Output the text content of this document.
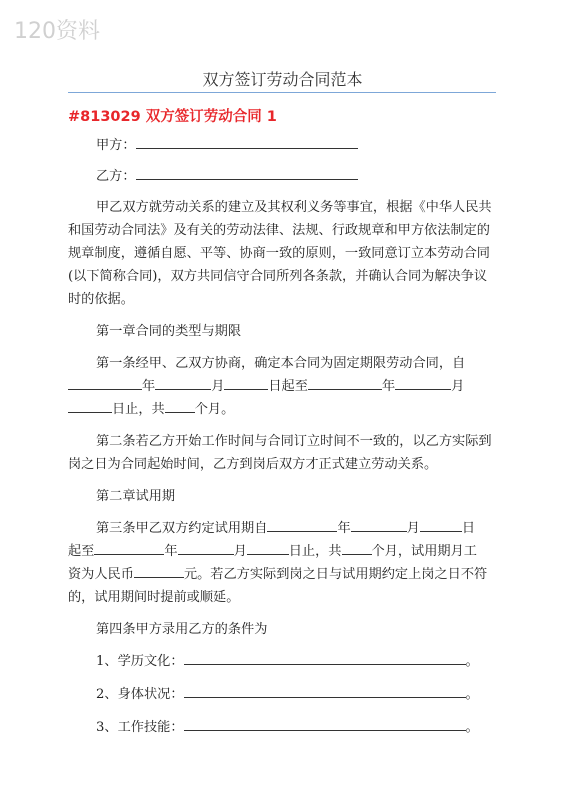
120资料
双方签订劳动合同范本
#813029 双方签订劳动合同 1
甲方：
乙方：
甲乙双方就劳动关系的建立及其权利义务等事宜，根据《中华人民共
和国劳动合同法》及有关的劳动法律、法规、行政规章和甲方依法制定的
规章制度，遵循自愿、平等、协商一致的原则，一致同意订立本劳动合同
(以下简称合同)，双方共同信守合同所列各条款，并确认合同为解决争议
时的依据。
第一章合同的类型与期限
第一条经甲、乙双方协商，确定本合同为固定期限劳动合同，自
年	月	日起至	年	月
日止，共 个月。
第二条若乙方开始工作时间与合同订立时间不一致的，以乙方实际到
岗之日为合同起始时间，乙方到岗后双方才正式建立劳动关系。
第二章试用期
第三条甲乙双方约定试用期自	年	月	日
起至	年	月	日止，共 个月，试用期月工
资为人民币	元。若乙方实际到岗之日与试用期约定上岗之日不符
的，试用期间时提前或顺延。
第四条甲方录用乙方的条件为
1、学历文化：	。
2、身体状况：	。
3、工作技能：	。
